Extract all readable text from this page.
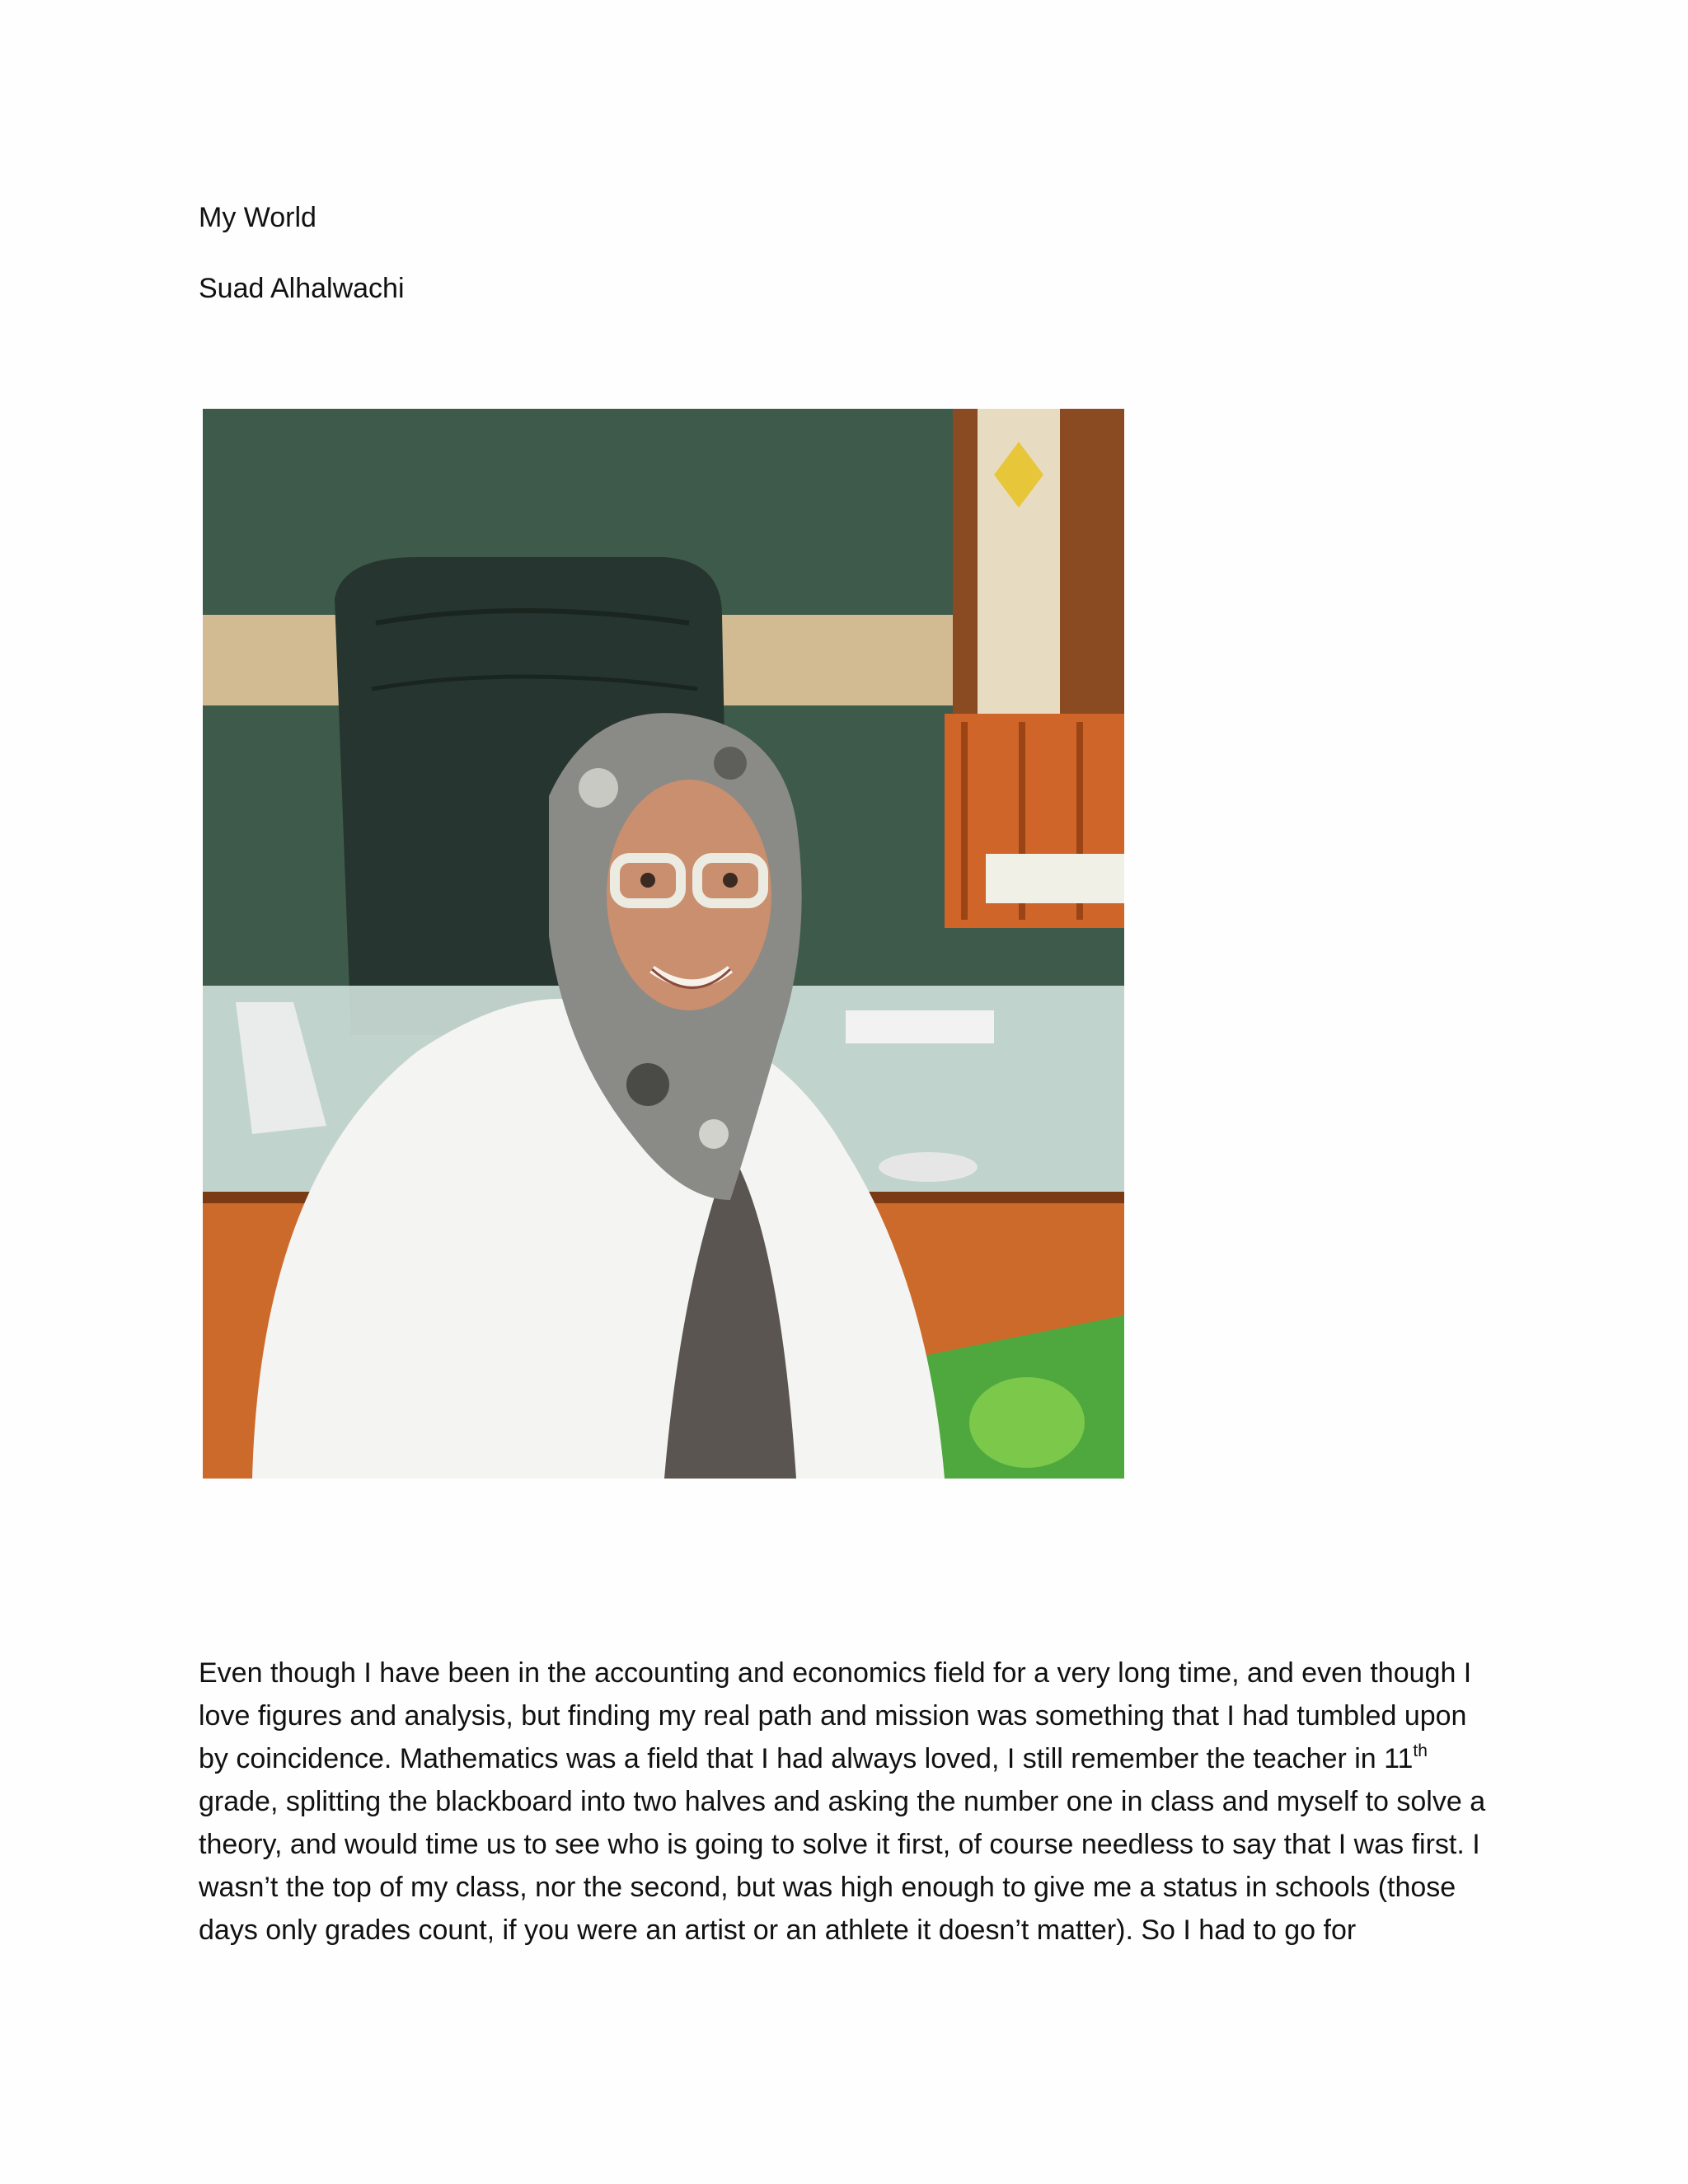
My World
Suad Alhalwachi
Even though I have been in the accounting and economics field for a very long time, and even though I
love figures and analysis, but finding my real path and mission was something that I had tumbled upon
by coincidence. Mathematics was a field that I had always loved, I still remember the teacher in 11th
grade, splitting the blackboard into two halves and asking the number one in class and myself to solve a
theory, and would time us to see who is going to solve it first, of course needless to say that I was first. I
wasn’t the top of my class, nor the second, but was high enough to give me a status in schools (those
days only grades count, if you were an artist or an athlete it doesn’t matter). So I had to go for
